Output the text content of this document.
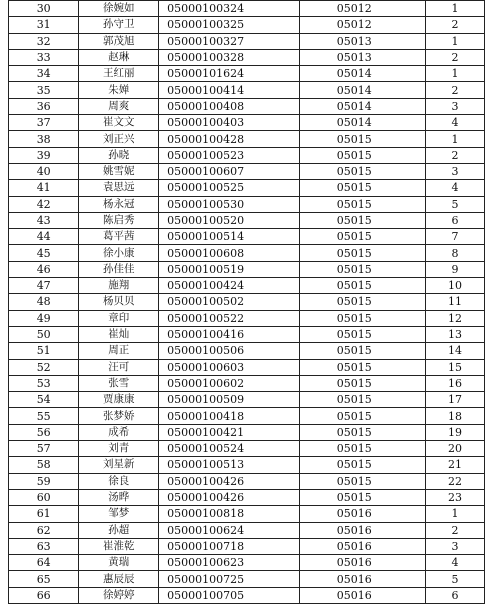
30	徐婉如	05000100324	05012	1
31	孙守卫	05000100325	05012	2
32	郭茂旭	05000100327	05013	1
33	赵琳	05000100328	05013	2
34	王红丽	05000101624	05014	1
35	朱婵	05000100414	05014	2
36	周爽	05000100408	05014	3
37	崔文文	05000100403	05014	4
38	刘正兴	05000100428	05015	1
39	孙晓	05000100523	05015	2
40	姚雪妮	05000100607	05015	3
41	袁思远	05000100525	05015	4
42	杨永冠	05000100530	05015	5
43	陈启秀	05000100520	05015	6
44	葛平茜	05000100514	05015	7
45	徐小康	05000100608	05015	8
46	孙佳佳	05000100519	05015	9
47	施翔	05000100424	05015	10
48	杨贝贝	05000100502	05015	11
49	章印	05000100522	05015	12
50	崔灿	05000100416	05015	13
51	周正	05000100506	05015	14
52	汪可	05000100603	05015	15
53	张雪	05000100602	05015	16
54	贾康康	05000100509	05015	17
55	张梦娇	05000100418	05015	18
56	成希	05000100421	05015	19
57	刘青	05000100524	05015	20
58	刘星新	05000100513	05015	21
59	徐良	05000100426	05015	22
60	汤晔	05000100426	05015	23
61	邹梦	05000100818	05016	1
62	孙超	05000100624	05016	2
63	崔淮乾	05000100718	05016	3
64	黄瑞	05000100623	05016	4
65	惠辰辰	05000100725	05016	5
66	徐婷婷	05000100705	05016	6
